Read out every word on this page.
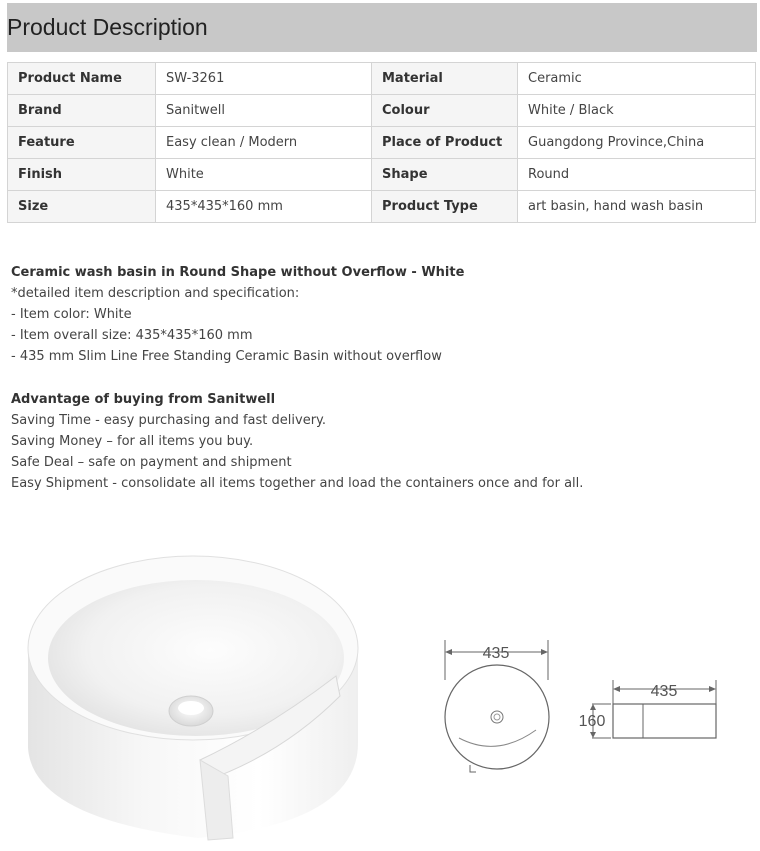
Product Description
Product Name	SW-3261	Material	Ceramic
Brand	Sanitwell	Colour	White / Black
Feature	Easy clean / Modern	Place of Product	Guangdong Province,China
Finish	White	Shape	Round
Size	435*435*160 mm	Product Type	art basin, hand wash basin
Ceramic wash basin in Round Shape without Overflow - White
*detailed item description and specification:
- Item color: White
- Item overall size: 435*435*160 mm
- 435 mm Slim Line Free Standing Ceramic Basin without overflow
Advantage of buying from Sanitwell
Saving Time - easy purchasing and fast delivery.
Saving Money – for all items you buy.
Safe Deal – safe on payment and shipment
Easy Shipment - consolidate all items together and load the containers once and for all.
435
435
160
